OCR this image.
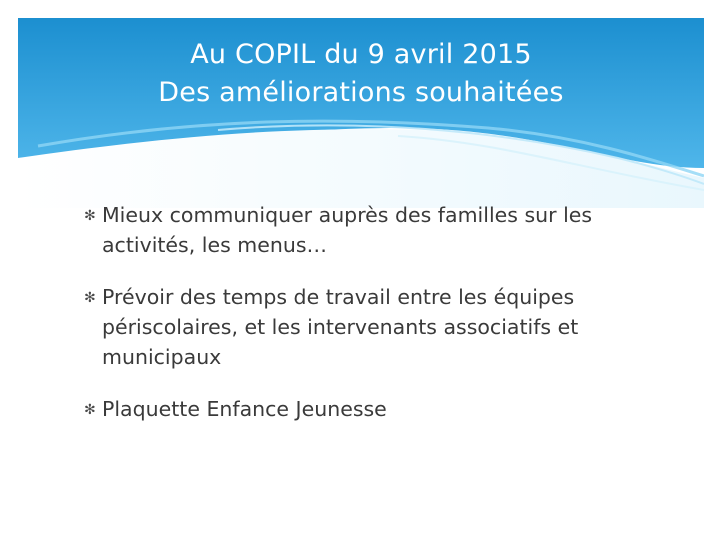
Au COPIL du 9 avril 2015
Des améliorations souhaitées
✻ Mieux communiquer auprès des familles sur les activités, les menus…
✻ Prévoir des temps de travail entre les équipes périscolaires, et les intervenants associatifs et municipaux
✻ Plaquette Enfance Jeunesse
